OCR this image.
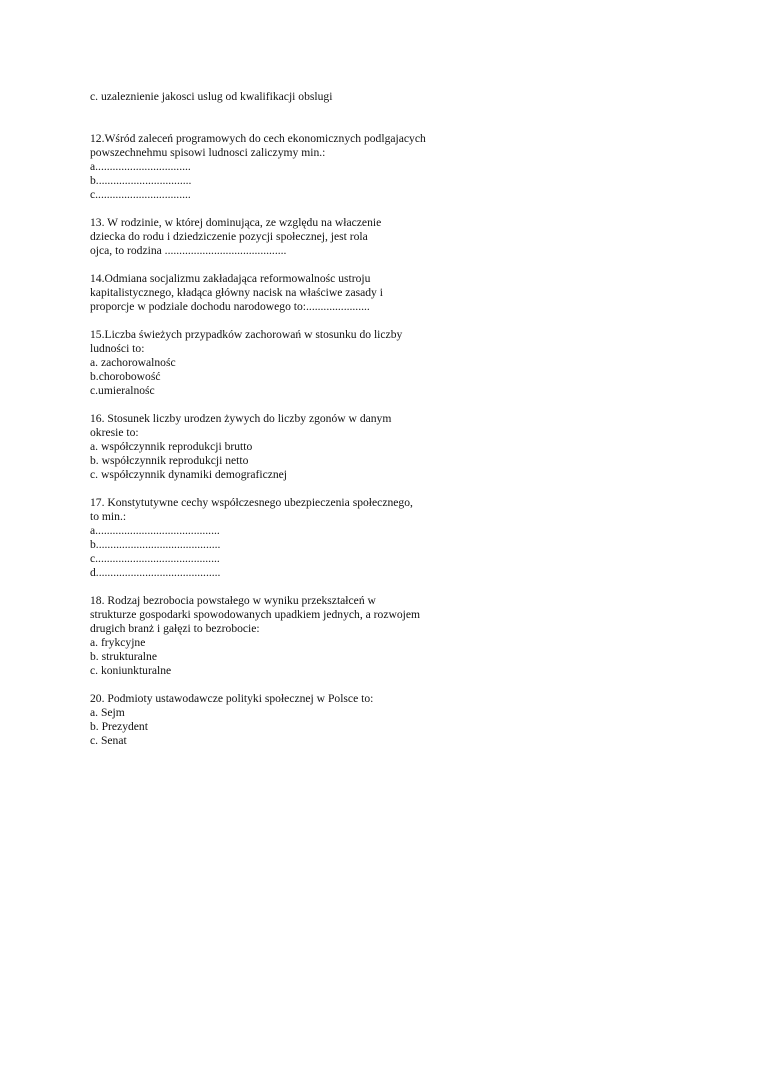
c. uzaleznienie jakosci uslug od kwalifikacji obslugi
12.Wśród zaleceń programowych do cech ekonomicznych podlgajacych
powszechnehmu spisowi ludnosci zaliczymy min.:
a.................................
b.................................
c.................................
13. W rodzinie, w której dominująca, ze względu na właczenie
dziecka do rodu i dziedziczenie pozycji społecznej, jest rola
ojca, to rodzina ..........................................
14.Odmiana socjalizmu zakładająca reformowalnośc ustroju
kapitalistycznego, kładąca główny nacisk na właściwe zasady i
proporcje w podziale dochodu narodowego to:......................
15.Liczba świeżych przypadków zachorowań w stosunku do liczby
ludności to:
a. zachorowalnośc
b.chorobowość
c.umieralnośc
16. Stosunek liczby urodzen żywych do liczby zgonów w danym
okresie to:
a. współczynnik reprodukcji brutto
b. współczynnik reprodukcji netto
c. współczynnik dynamiki demograficznej
17. Konstytutywne cechy współczesnego ubezpieczenia społecznego,
to min.:
a...........................................
b...........................................
c...........................................
d...........................................
18. Rodzaj bezrobocia powstałego w wyniku przekształceń w
strukturze gospodarki spowodowanych upadkiem jednych, a rozwojem
drugich branż i gałęzi to bezrobocie:
a. frykcyjne
b. strukturalne
c. koniunkturalne
20. Podmioty ustawodawcze polityki społecznej w Polsce to:
a. Sejm
b. Prezydent
c. Senat
